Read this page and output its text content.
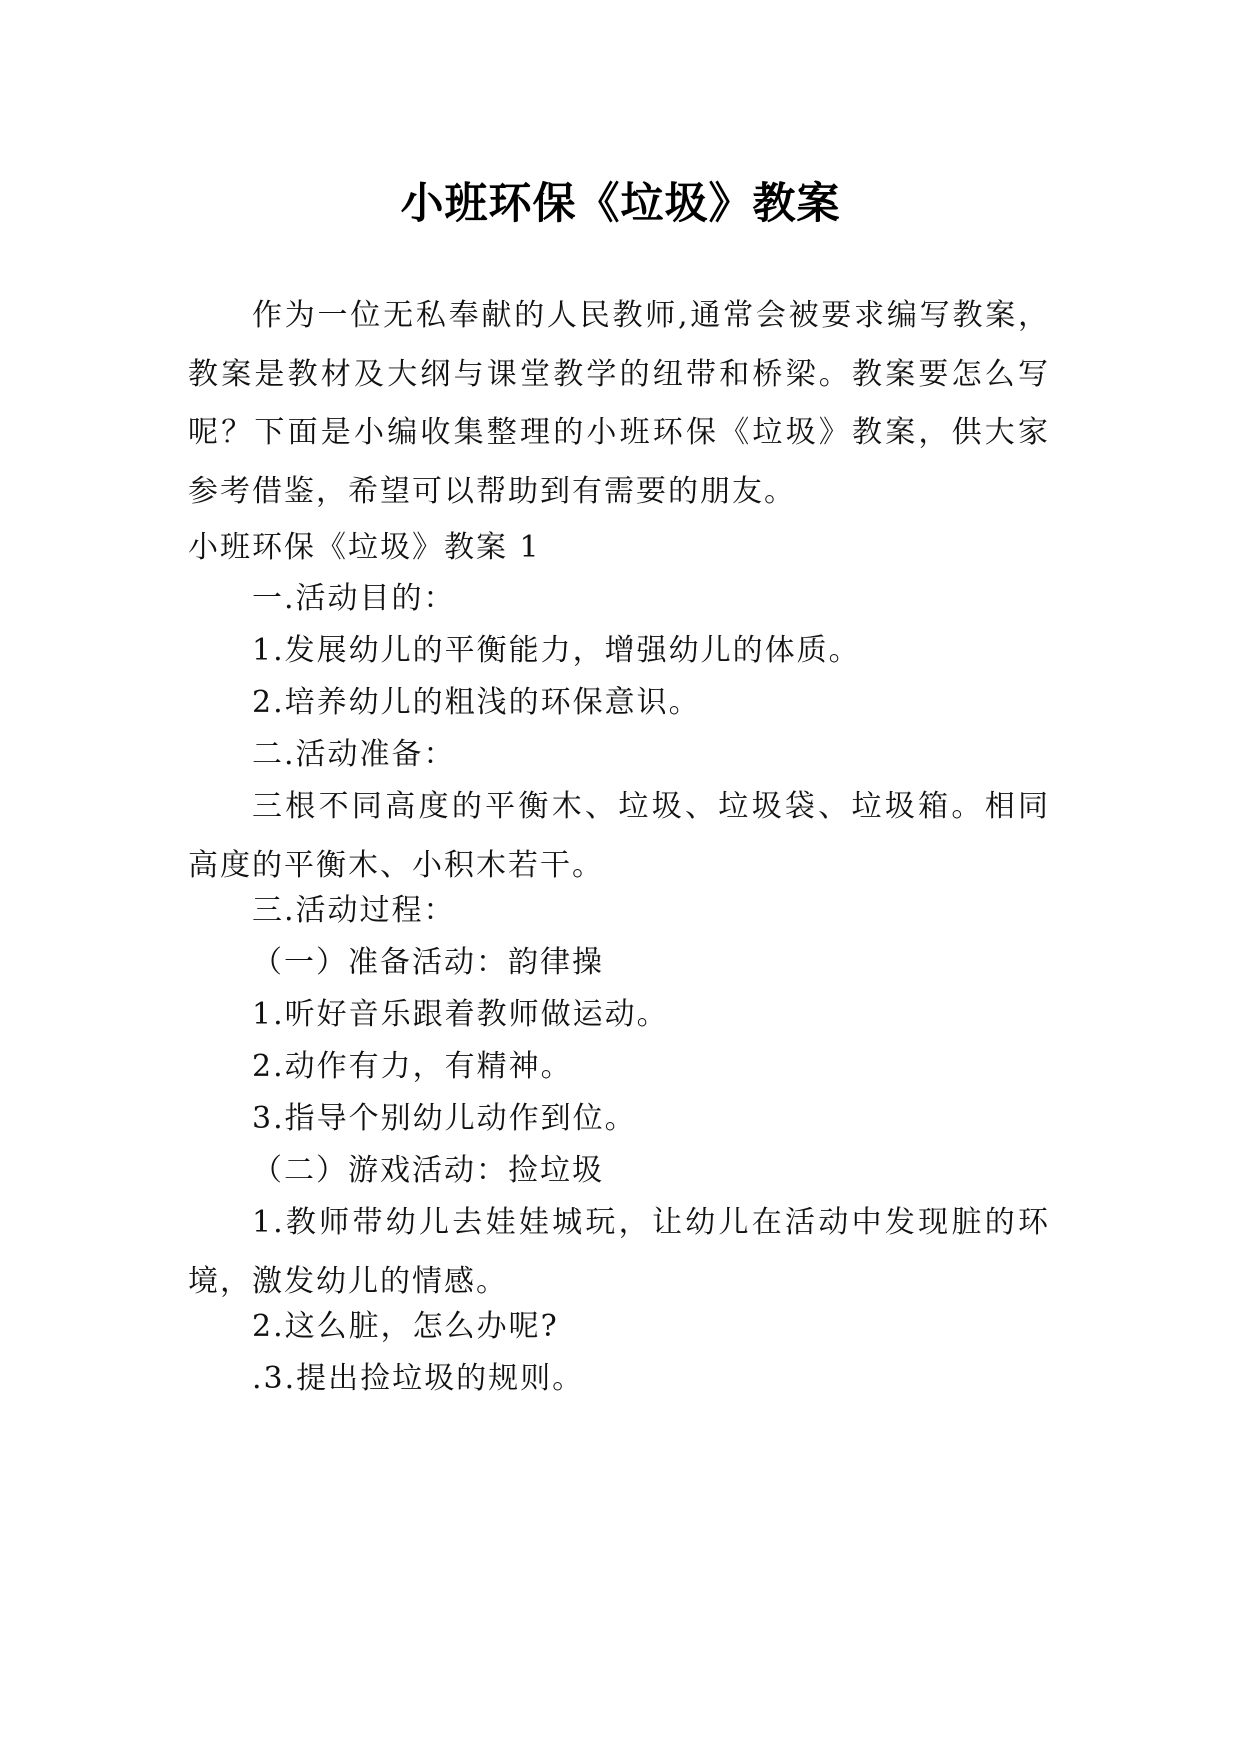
小班环保《垃圾》教案

作为一位无私奉献的人民教师,通常会被要求编写教案，教案是教材及大纲与课堂教学的纽带和桥梁。教案要怎么写呢？下面是小编收集整理的小班环保《垃圾》教案，供大家参考借鉴，希望可以帮助到有需要的朋友。

小班环保《垃圾》教案 1

一.活动目的：

1.发展幼儿的平衡能力，增强幼儿的体质。

2.培养幼儿的粗浅的环保意识。

二.活动准备：

三根不同高度的平衡木、垃圾、垃圾袋、垃圾箱。相同高度的平衡木、小积木若干。

三.活动过程：

（一）准备活动：韵律操

1.听好音乐跟着教师做运动。

2.动作有力，有精神。

3.指导个别幼儿动作到位。

（二）游戏活动：捡垃圾

1.教师带幼儿去娃娃城玩，让幼儿在活动中发现脏的环境，激发幼儿的情感。

2.这么脏，怎么办呢?

.3.提出捡垃圾的规则。
